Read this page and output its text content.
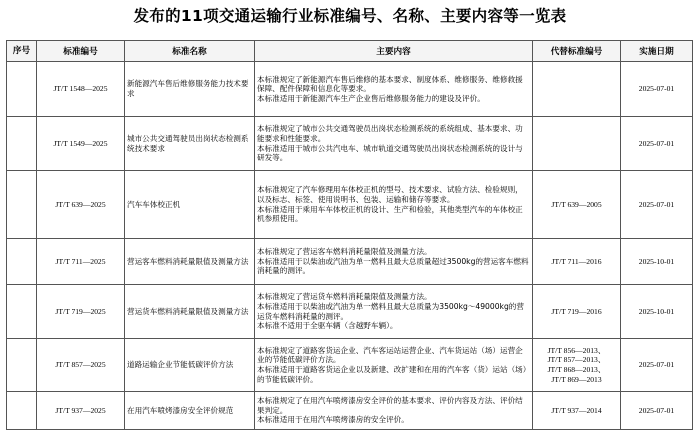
发布的11项交通运输行业标准编号、名称、主要内容等一览表
序号	标准编号	标准名称	主要内容	代替标准编号	实施日期
	JT/T 1548—2025	新能源汽车售后维修服务能力技术要求	本标准规定了新能源汽车售后维修的基本要求、制度体系、维修服务、维修救援保障、配件保障和信息化等要求。
本标准适用于新能源汽车生产企业售后维修服务能力的建设及评价。		2025-07-01
	JT/T 1549—2025	城市公共交通驾驶员出岗状态检测系统技术要求	本标准规定了城市公共交通驾驶员出岗状态检测系统的系统组成、基本要求、功能要求和性能要求。
本标准适用于城市公共汽电车、城市轨道交通驾驶员出岗状态检测系统的设计与研发等。		2025-07-01
	JT/T 639—2025	汽车车体校正机	本标准规定了汽车修理用车体校正机的型号、技术要求、试验方法、检验规则，以及标志、标签、使用说明书、包装、运输和储存等要求。
本标准适用于乘用车车体校正机的设计、生产和检验，其他类型汽车的车体校正机参照使用。	JT/T 639—2005	2025-07-01
	JT/T 711—2025	营运客车燃料消耗量限值及测量方法	本标准规定了营运客车燃料消耗量限值及测量方法。
本标准适用于以柴油或汽油为单一燃料且最大总质量超过3500kg的营运客车燃料消耗量的测评。	JT/T 711—2016	2025-10-01
	JT/T 719—2025	营运货车燃料消耗量限值及测量方法	本标准规定了营运货车燃料消耗量限值及测量方法。
本标准适用于以柴油或汽油为单一燃料且最大总质量为3500kg～49000kg的营运货车燃料消耗量的测评。
本标准不适用于全驱车辆（含越野车辆）。	JT/T 719—2016	2025-10-01
	JT/T 857—2025	道路运输企业节能低碳评价方法	本标准规定了道路客货运企业、汽车客运站运营企业、汽车货运站（场）运营企业的节能低碳评价方法。
本标准适用于道路客货运企业以及新建、改扩建和在用的汽车客（货）运站（场）的节能低碳评价。	JT/T 856—2013、
JT/T 857—2013、
JT/T 868—2013、
JT/T 869—2013	2025-07-01
	JT/T 937—2025	在用汽车喷烤漆房安全评价规范	本标准规定了在用汽车喷烤漆房安全评价的基本要求、评价内容及方法、评价结果判定。
本标准适用于在用汽车喷烤漆房的安全评价。	JT/T 937—2014	2025-07-01
